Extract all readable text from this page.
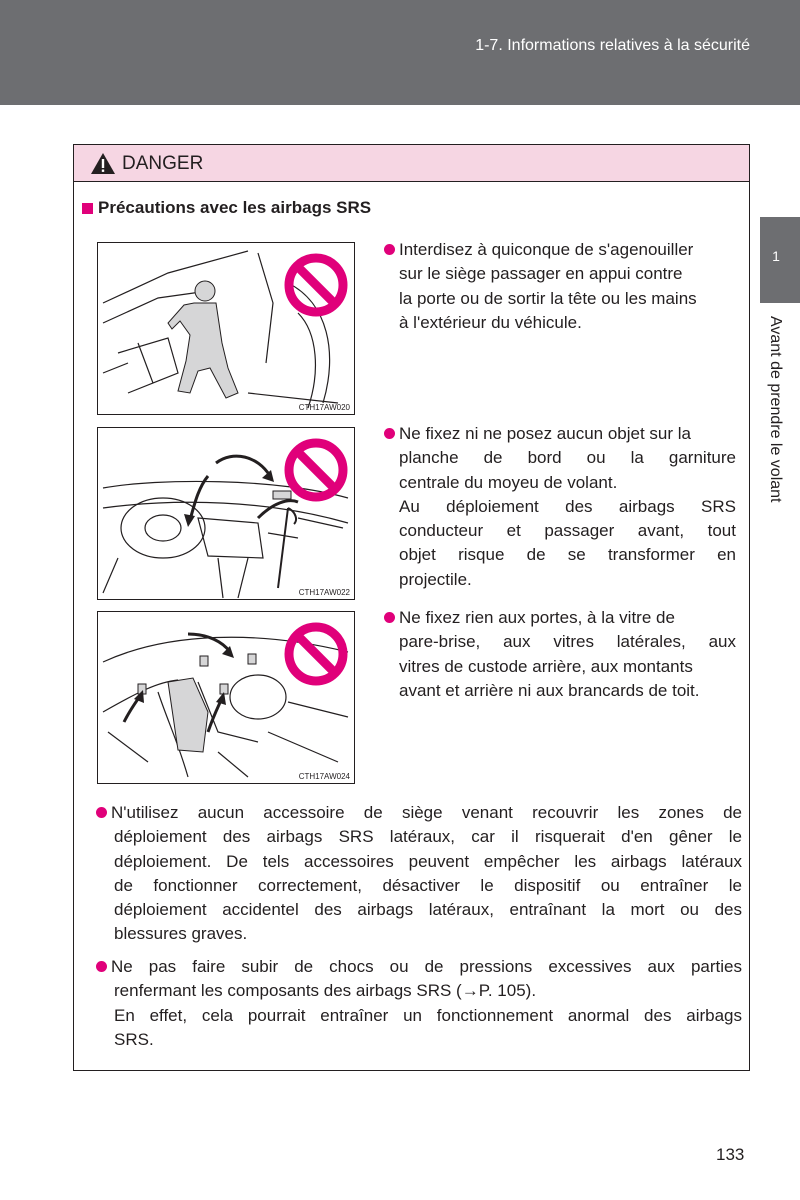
1-7. Informations relatives à la sécurité
1
Avant de prendre le volant
DANGER
Précautions avec les airbags SRS
CTH17AW020
CTH17AW022
CTH17AW024
Interdisez à quiconque de s'agenouiller
sur le siège passager en appui contre
la porte ou de sortir la tête ou les mains
à l'extérieur du véhicule.
Ne fixez ni ne posez aucun objet sur la
planche de bord ou la garniture
centrale du moyeu de volant.
Au déploiement des airbags SRS
conducteur et passager avant, tout
objet risque de se transformer en
projectile.
Ne fixez rien aux portes, à la vitre de
pare-brise, aux vitres latérales, aux
vitres de custode arrière, aux montants
avant et arrière ni aux brancards de toit.
N'utilisez aucun accessoire de siège venant recouvrir les zones de
déploiement des airbags SRS latéraux, car il risquerait d'en gêner le
déploiement. De tels accessoires peuvent empêcher les airbags latéraux
de fonctionner correctement, désactiver le dispositif ou entraîner le
déploiement accidentel des airbags latéraux, entraînant la mort ou des
blessures graves.
Ne pas faire subir de chocs ou de pressions excessives aux parties
renfermant les composants des airbags SRS (→P. 105).
En effet, cela pourrait entraîner un fonctionnement anormal des airbags
SRS.
133
